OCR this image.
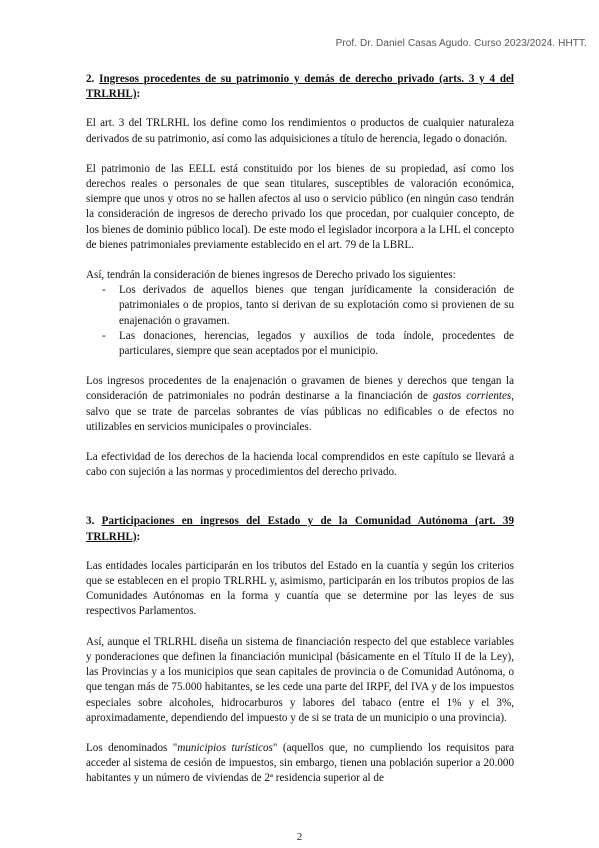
Prof. Dr. Daniel Casas Agudo. Curso 2023/2024. HHTT.

2. Ingresos procedentes de su patrimonio y demás de derecho privado (arts. 3 y 4 del TRLRHL):

El art. 3 del TRLRHL los define como los rendimientos o productos de cualquier naturaleza derivados de su patrimonio, así como las adquisiciones a título de herencia, legado o donación.

El patrimonio de las EELL está constituido por los bienes de su propiedad, así como los derechos reales o personales de que sean titulares, susceptibles de valoración económica, siempre que unos y otros no se hallen afectos al uso o servicio público (en ningún caso tendrán la consideración de ingresos de derecho privado los que procedan, por cualquier concepto, de los bienes de dominio público local). De este modo el legislador incorpora a la LHL el concepto de bienes patrimoniales previamente establecido en el art. 79 de la LBRL.

Así, tendrán la consideración de bienes ingresos de Derecho privado los siguientes:

- Los derivados de aquellos bienes que tengan jurídicamente la consideración de patrimoniales o de propios, tanto si derivan de su explotación como si provienen de su enajenación o gravamen.
- Las donaciones, herencias, legados y auxilios de toda índole, procedentes de particulares, siempre que sean aceptados por el municipio.

Los ingresos procedentes de la enajenación o gravamen de bienes y derechos que tengan la consideración de patrimoniales no podrán destinarse a la financiación de gastos corrientes, salvo que se trate de parcelas sobrantes de vías públicas no edificables o de efectos no utilizables en servicios municipales o provinciales.

La efectividad de los derechos de la hacienda local comprendidos en este capítulo se llevará a cabo con sujeción a las normas y procedimientos del derecho privado.

3. Participaciones en ingresos del Estado y de la Comunidad Autónoma (art. 39 TRLRHL):

Las entidades locales participarán en los tributos del Estado en la cuantía y según los criterios que se establecen en el propio TRLRHL y, asimismo, participarán en los tributos propios de las Comunidades Autónomas en la forma y cuantía que se determine por las leyes de sus respectivos Parlamentos.

Así, aunque el TRLRHL diseña un sistema de financiación respecto del que establece variables y ponderaciones que definen la financiación municipal (básicamente en el Título II de la Ley), las Provincias y a los municipios que sean capitales de provincia o de Comunidad Autónoma, o que tengan más de 75.000 habitantes, se les cede una parte del IRPF, del IVA y de los impuestos especiales sobre alcoholes, hidrocarburos y labores del tabaco (entre el 1% y el 3%, aproximadamente, dependiendo del impuesto y de si se trata de un municipio o una provincia).

Los denominados "municipios turísticos" (aquellos que, no cumpliendo los requisitos para acceder al sistema de cesión de impuestos, sin embargo, tienen una población superior a 20.000 habitantes y un número de viviendas de 2ª residencia superior al de

2
